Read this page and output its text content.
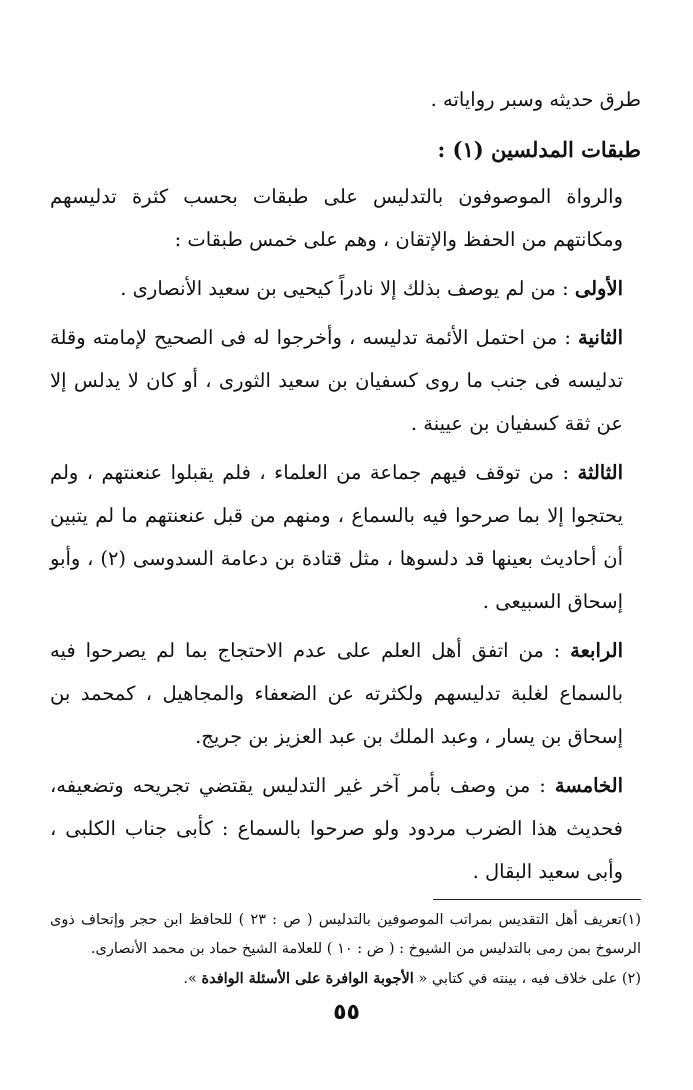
طرق حديثه وسبر رواياته .

طبقات المدلسين (١) :

والرواة الموصوفون بالتدليس على طبقات بحسب كثرة تدليسهم ومكانتهم من الحفظ والإتقان ، وهم على خمس طبقات :

الأولى : من لم يوصف بذلك إلا نادراً كيحيى بن سعيد الأنصارى .

الثانية : من احتمل الأئمة تدليسه ، وأخرجوا له فى الصحيح لإمامته وقلة تدليسه فى جنب ما روى كسفيان بن سعيد الثورى ، أو كان لا يدلس إلا عن ثقة كسفيان بن عيينة .

الثالثة : من توقف فيهم جماعة من العلماء ، فلم يقبلوا عنعنتهم ، ولم يحتجوا إلا بما صرحوا فيه بالسماع ، ومنهم من قبل عنعنتهم ما لم يتبين أن أحاديث بعينها قد دلسوها ، مثل قتادة بن دعامة السدوسى (٢) ، وأبو إسحاق السبيعى .

الرابعة : من اتفق أهل العلم على عدم الاحتجاج بما لم يصرحوا فيه بالسماع لغلبة تدليسهم ولكثرته عن الضعفاء والمجاهيل ، كمحمد بن إسحاق بن يسار ، وعبد الملك بن عبد العزيز بن جريج.

الخامسة : من وصف بأمر آخر غير التدليس يقتضي تجريحه وتضعيفه، فحديث هذا الضرب مردود ولو صرحوا بالسماع : كأبى جناب الكلبى ، وأبى سعيد البقال .

(١)تعريف أهل التقديس بمراتب الموصوفين بالتدليس ( ص : ٢٣ ) للحافظ ابن حجر وإتحاف ذوى الرسوخ بمن رمى بالتدليس من الشيوخ : ( ض : ١٠ ) للعلامة الشيخ حماد بن محمد الأنصارى.

(٢) على خلاف فيه ، بينته في كتابي « الأجوبة الوافرة على الأسئلة الوافدة ».

٥٥
